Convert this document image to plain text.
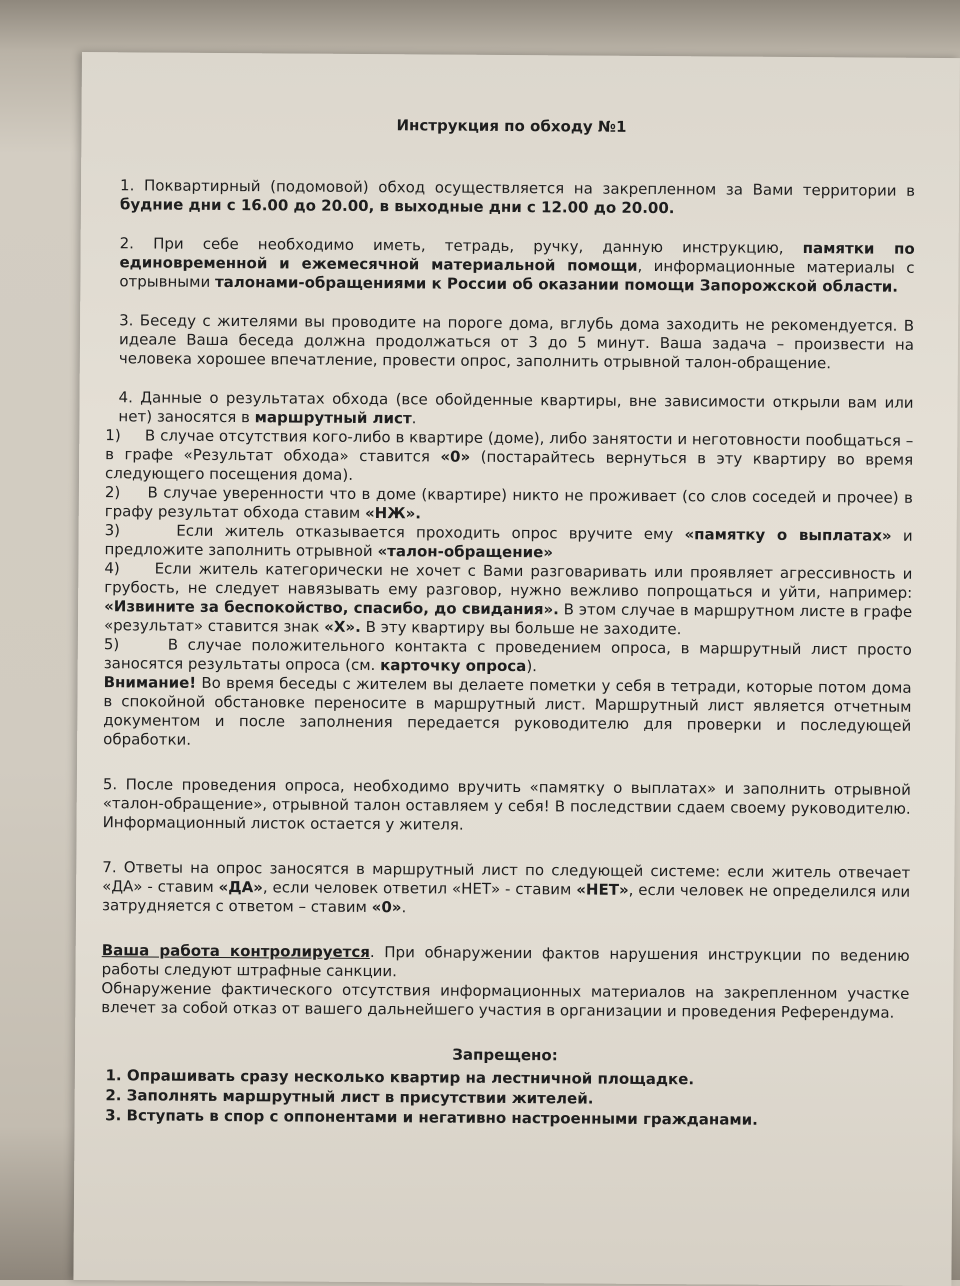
Инструкция по обходу №1

1. Поквартирный (подомовой) обход осуществляется на закрепленном за Вами территории в будние дни с 16.00 до 20.00, в выходные дни с 12.00 до 20.00.

2. При себе необходимо иметь, тетрадь, ручку, данную инструкцию, памятки по единовременной и ежемесячной материальной помощи, информационные материалы с отрывными талонами-обращениями к России об оказании помощи Запорожской области.

3. Беседу с жителями вы проводите на пороге дома, вглубь дома заходить не рекомендуется. В идеале Ваша беседа должна продолжаться от 3 до 5 минут. Ваша задача – произвести на человека хорошее впечатление, провести опрос, заполнить отрывной талон-обращение.

4. Данные о результатах обхода (все обойденные квартиры, вне зависимости открыли вам или нет) заносятся в маршрутный лист.

1) В случае отсутствия кого-либо в квартире (доме), либо занятости и неготовности пообщаться – в графе «Результат обхода» ставится «0» (постарайтесь вернуться в эту квартиру во время следующего посещения дома).

2) В случае уверенности что в доме (квартире) никто не проживает (со слов соседей и прочее) в графу результат обхода ставим «НЖ».

3)	Если житель отказывается проходить опрос вручите ему «памятку о выплатах» и предложите заполнить отрывной «талон-обращение»

4) Если житель категорически не хочет с Вами разговаривать или проявляет агрессивность и грубость, не следует навязывать ему разговор, нужно вежливо попрощаться и уйти, например: «Извините за беспокойство, спасибо, до свидания». В этом случае в маршрутном листе в графе «результат» ставится знак «Х». В эту квартиру вы больше не заходите.

5)	В случае положительного контакта с проведением опроса, в маршрутный лист просто заносятся результаты опроса (см. карточку опроса).

Внимание! Во время беседы с жителем вы делаете пометки у себя в тетради, которые потом дома в спокойной обстановке переносите в маршрутный лист. Маршрутный лист является отчетным документом и после заполнения передается руководителю для проверки и последующей обработки.

5. После проведения опроса, необходимо вручить «памятку о выплатах» и заполнить отрывной «талон-обращение», отрывной талон оставляем у себя! В последствии сдаем своему руководителю. Информационный листок остается у жителя.

7. Ответы на опрос заносятся в маршрутный лист по следующей системе: если житель отвечает «ДА» - ставим «ДА», если человек ответил «НЕТ» - ставим «НЕТ», если человек не определился или затрудняется с ответом – ставим «0».

Ваша работа контролируется. При обнаружении фактов нарушения инструкции по ведению работы следуют штрафные санкции.

Обнаружение фактического отсутствия информационных материалов на закрепленном участке влечет за собой отказ от вашего дальнейшего участия в организации и проведения Референдума.

Запрещено:
1. Опрашивать сразу несколько квартир на лестничной площадке.
2. Заполнять маршрутный лист в присутствии жителей.
3. Вступать в спор с оппонентами и негативно настроенными гражданами.
